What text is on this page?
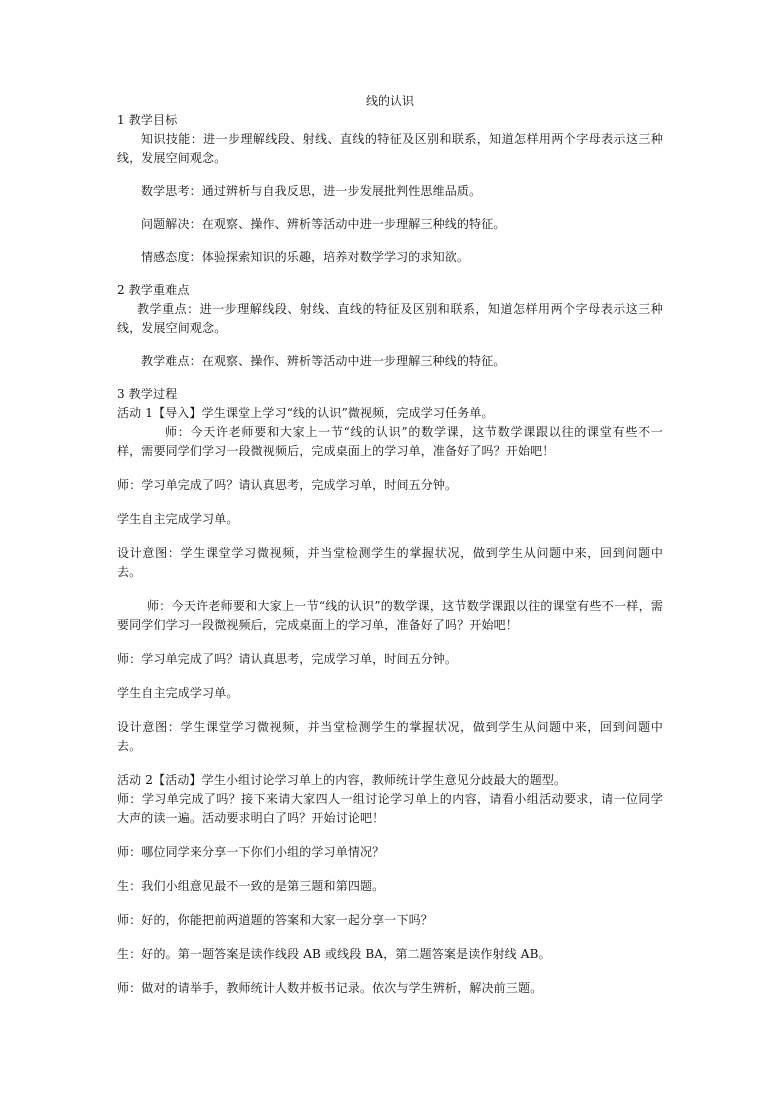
线的认识

1 教学目标

知识技能：进一步理解线段、射线、直线的特征及区别和联系，知道怎样用两个字母表示这三种线，发展空间观念。

数学思考：通过辨析与自我反思，进一步发展批判性思维品质。

问题解决：在观察、操作、辨析等活动中进一步理解三种线的特征。

情感态度：体验探索知识的乐趣，培养对数学学习的求知欲。

2 教学重难点

教学重点：进一步理解线段、射线、直线的特征及区别和联系，知道怎样用两个字母表示这三种线，发展空间观念。

教学难点：在观察、操作、辨析等活动中进一步理解三种线的特征。

3 教学过程

活动 1【导入】学生课堂上学习“线的认识”微视频，完成学习任务单。

师：今天许老师要和大家上一节“线的认识”的数学课，这节数学课跟以往的课堂有些不一样，需要同学们学习一段微视频后，完成桌面上的学习单，准备好了吗？开始吧！

师：学习单完成了吗？请认真思考，完成学习单，时间五分钟。

学生自主完成学习单。

设计意图：学生课堂学习微视频，并当堂检测学生的掌握状况，做到学生从问题中来，回到问题中去。

师：今天许老师要和大家上一节“线的认识”的数学课，这节数学课跟以往的课堂有些不一样，需要同学们学习一段微视频后，完成桌面上的学习单，准备好了吗？开始吧！

师：学习单完成了吗？请认真思考，完成学习单，时间五分钟。

学生自主完成学习单。

设计意图：学生课堂学习微视频，并当堂检测学生的掌握状况，做到学生从问题中来，回到问题中去。

活动 2【活动】学生小组讨论学习单上的内容，教师统计学生意见分歧最大的题型。

师：学习单完成了吗？接下来请大家四人一组讨论学习单上的内容，请看小组活动要求，请一位同学大声的读一遍。活动要求明白了吗？开始讨论吧！

师：哪位同学来分享一下你们小组的学习单情况？

生：我们小组意见最不一致的是第三题和第四题。

师：好的，你能把前两道题的答案和大家一起分享一下吗？

生：好的。第一题答案是读作线段 AB 或线段 BA，第二题答案是读作射线 AB。

师：做对的请举手，教师统计人数并板书记录。依次与学生辨析，解决前三题。
